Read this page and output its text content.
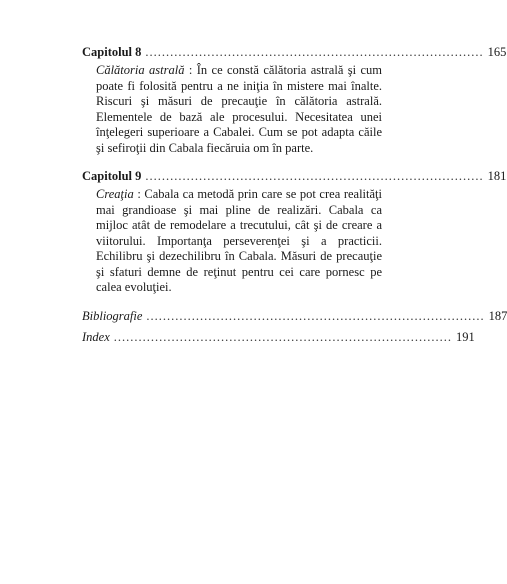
Capitolul 8 .................................................................................. 165
Călătoria astrală : În ce constă călătoria astrală şi cum poate fi folosită pentru a ne iniţia în mistere mai înalte. Riscuri şi măsuri de precauţie în călătoria astrală. Elementele de bază ale procesului. Necesitatea unei înţelegeri superioare a Cabalei. Cum se pot adapta căile şi sefiroţii din Cabala fiecăruia om în parte.
Capitolul 9 .................................................................................. 181
Creaţia : Cabala ca metodă prin care se pot crea realităţi mai grandioase şi mai pline de realizări. Cabala ca mijloc atât de remodelare a trecutului, cât şi de creare a viitorului. Importanţa perseverenţei şi a practicii. Echilibru şi dezechilibru în Cabala. Măsuri de precauţie şi sfaturi demne de reţinut pentru cei care pornesc pe calea evoluţiei.
Bibliografie .................................................................................. 187
Index .................................................................................. 191
